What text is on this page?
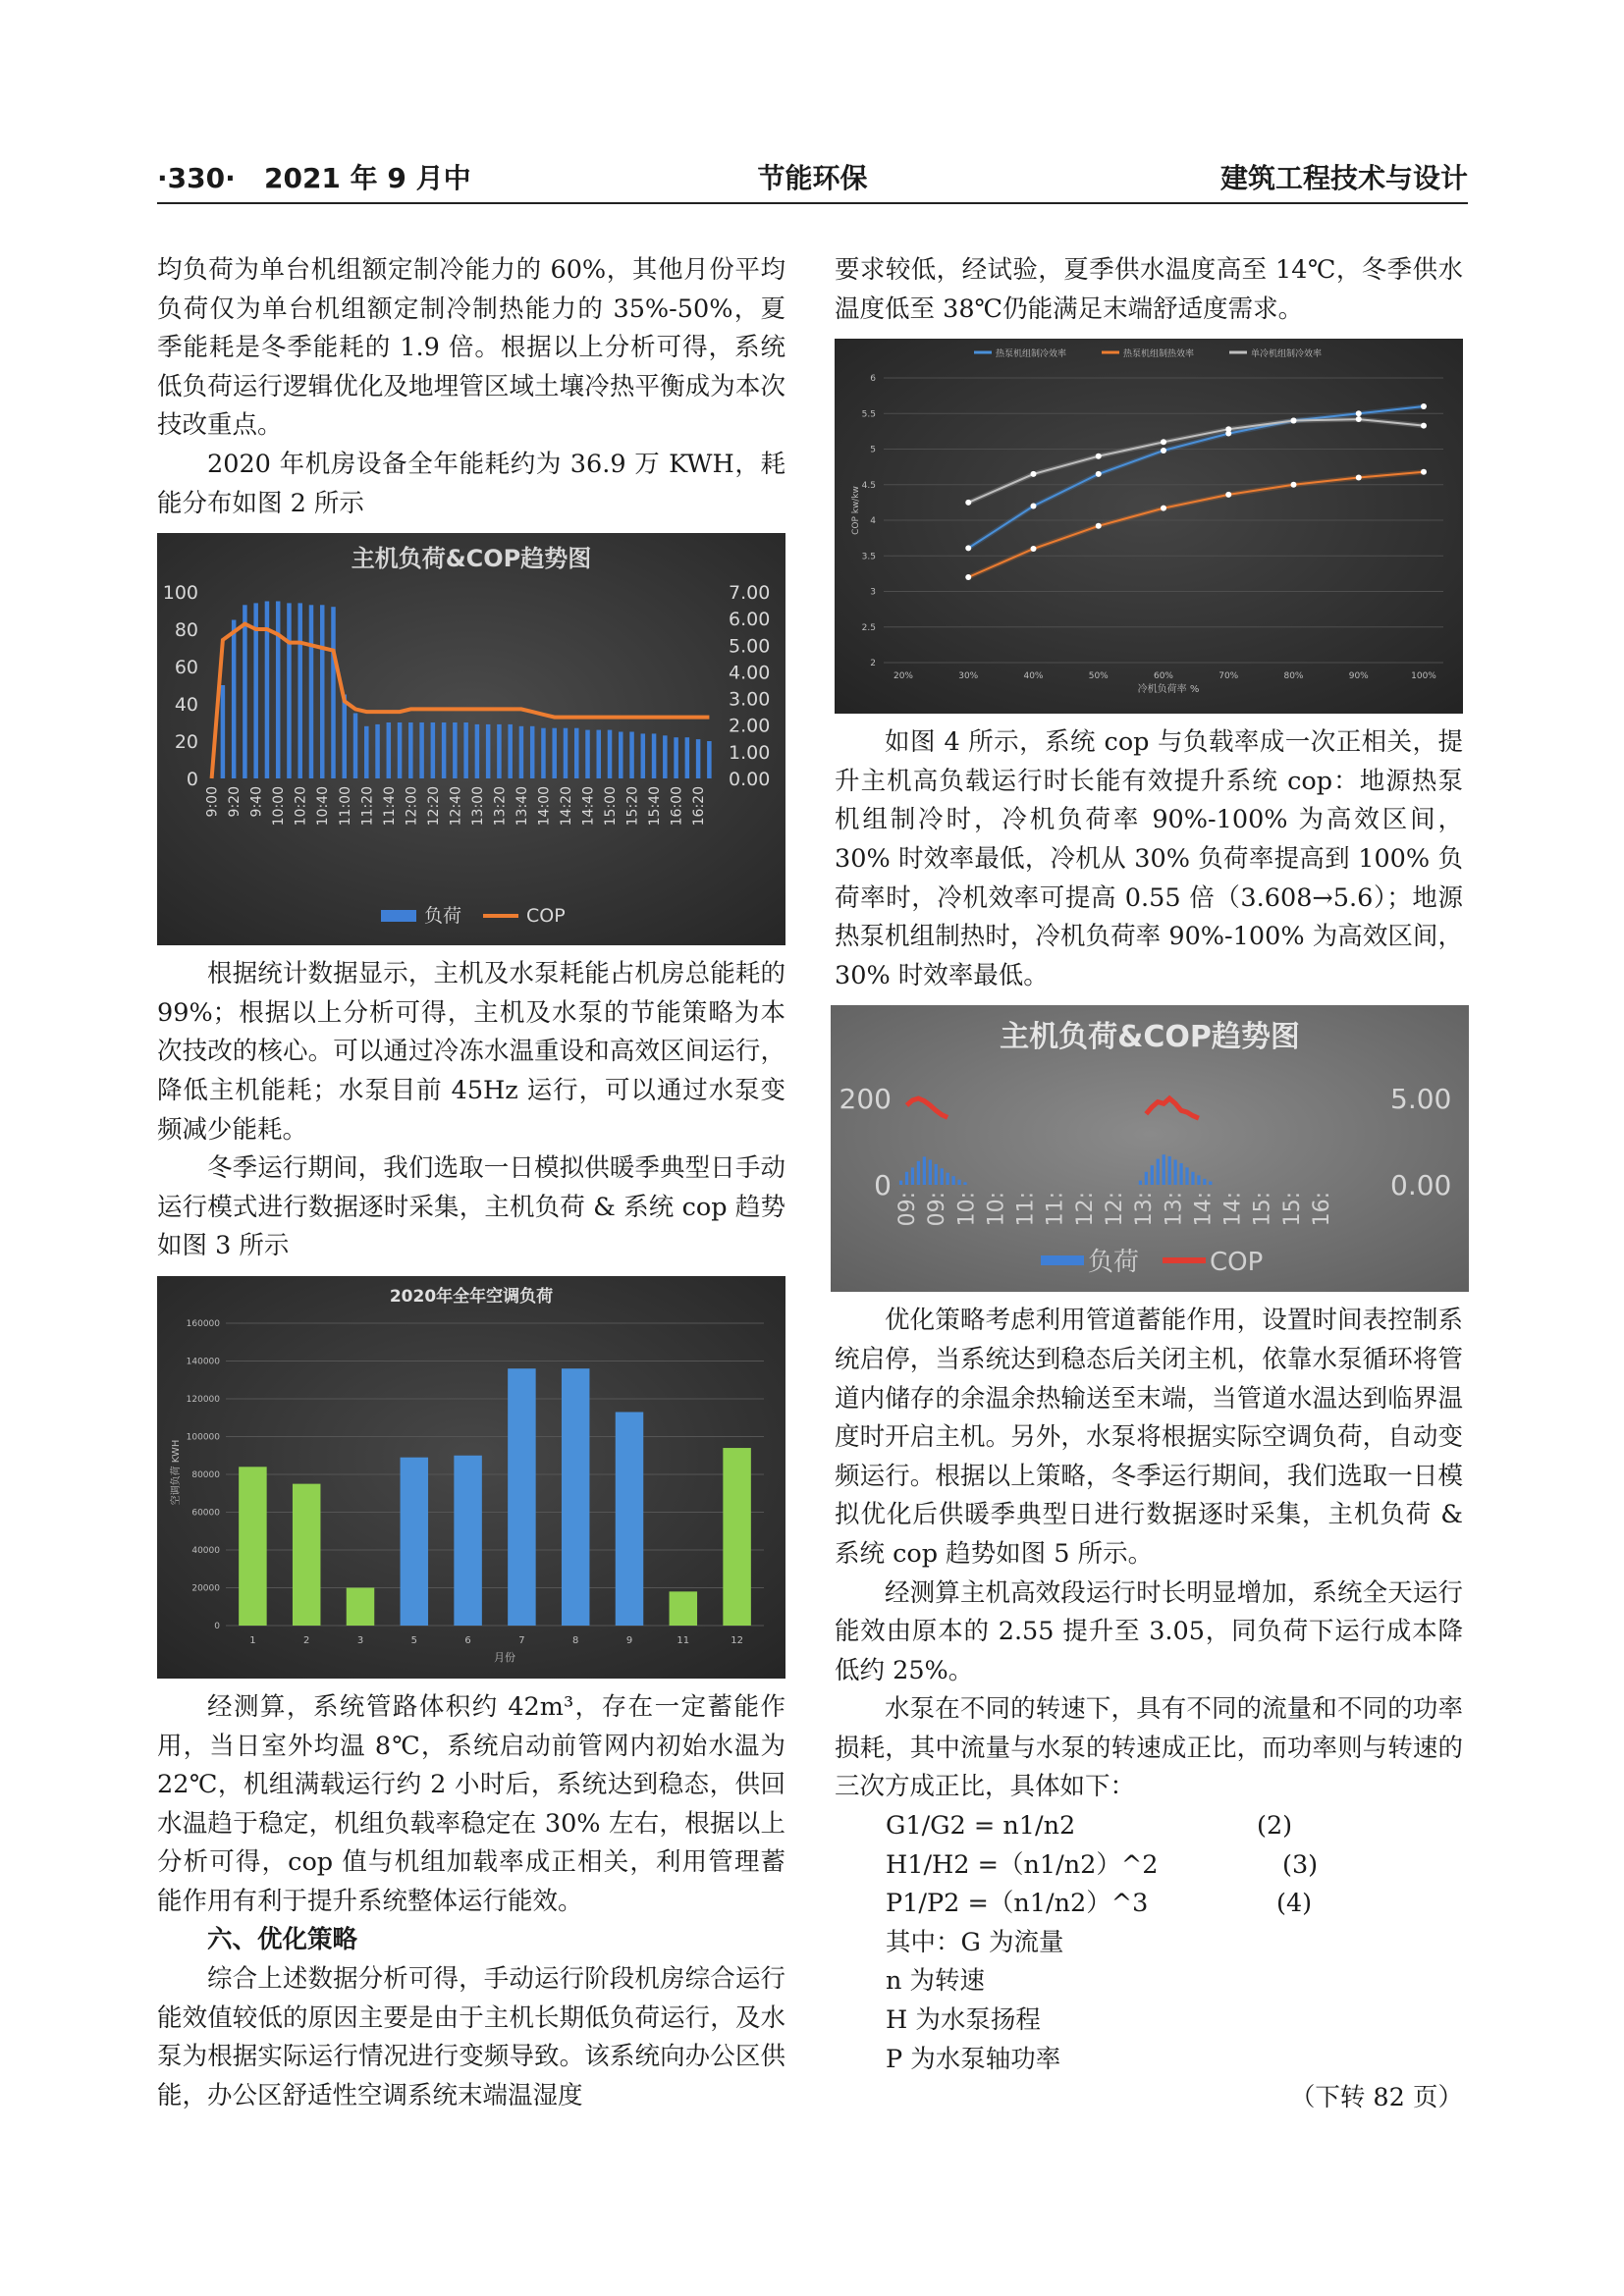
·330· 2021 年 9 月中	节能环保	建筑工程技术与设计

均负荷为单台机组额定制冷能力的 60%，其他月份平均负荷仅为单台机组额定制冷制热能力的 35%-50%，夏季能耗是冬季能耗的 1.9 倍。根据以上分析可得，系统低负荷运行逻辑优化及地埋管区域土壤冷热平衡成为本次技改重点。

2020 年机房设备全年能耗约为 36.9 万 KWH，耗能分布如图 2 所示

主机负荷&COP趋势图
100
80
60
40
20
0
7.00
6.00
5.00
4.00
3.00
2.00
1.00
0.00
9:00 9:20 9:40 10:00 10:20 10:40 11:00 11:20 11:40 12:00 12:20 12:40 13:00 13:20 13:40 14:00 14:20 14:40 15:00 15:20 15:40 16:00 16:20
负荷	COP

根据统计数据显示，主机及水泵耗能占机房总能耗的 99%；根据以上分析可得，主机及水泵的节能策略为本次技改的核心。可以通过冷冻水温重设和高效区间运行，降低主机能耗；水泵目前 45Hz 运行，可以通过水泵变频减少能耗。

冬季运行期间，我们选取一日模拟供暖季典型日手动运行模式进行数据逐时采集，主机负荷 & 系统 cop 趋势如图 3 所示

2020年全年空调负荷
空调负荷 KWH
160000
140000
120000
100000
80000
60000
40000
20000
0
1	2	3	5	6	7	8	9	11	12
月份

经测算，系统管路体积约 42m³，存在一定蓄能作用，当日室外均温 8℃，系统启动前管网内初始水温为 22℃，机组满载运行约 2 小时后，系统达到稳态，供回水温趋于稳定，机组负载率稳定在 30% 左右，根据以上分析可得，cop 值与机组加载率成正相关，利用管理蓄能作用有利于提升系统整体运行能效。

六、优化策略

综合上述数据分析可得，手动运行阶段机房综合运行能效值较低的原因主要是由于主机长期低负荷运行，及水泵为根据实际运行情况进行变频导致。该系统向办公区供能，办公区舒适性空调系统末端温湿度

要求较低，经试验，夏季供水温度高至 14℃，冬季供水温度低至 38℃仍能满足末端舒适度需求。

热泵机组制冷效率	热泵机组制热效率	单冷机组制冷效率
COP kw/kw
6
5.5
5
4.5
4
3.5
3
2.5
2
20%	30%	40%	50%	60%	70%	80%	90%	100%
冷机负荷率 %

如图 4 所示，系统 cop 与负载率成一次正相关，提升主机高负载运行时长能有效提升系统 cop：地源热泵机组制冷时，冷机负荷率 90%-100% 为高效区间，30% 时效率最低，冷机从 30% 负荷率提高到 100% 负荷率时，冷机效率可提高 0.55 倍（3.608→5.6）；地源热泵机组制热时，冷机负荷率 90%-100% 为高效区间，30% 时效率最低。

主机负荷&COP趋势图
200
0
5.00
0.00
09: 09: 10: 10: 11: 11: 12: 12: 13: 13: 14: 14: 15: 15: 16:
负荷	COP

优化策略考虑利用管道蓄能作用，设置时间表控制系统启停，当系统达到稳态后关闭主机，依靠水泵循环将管道内储存的余温余热输送至末端，当管道水温达到临界温度时开启主机。另外，水泵将根据实际空调负荷，自动变频运行。根据以上策略，冬季运行期间，我们选取一日模拟优化后供暖季典型日进行数据逐时采集，主机负荷 & 系统 cop 趋势如图 5 所示。

经测算主机高效段运行时长明显增加，系统全天运行能效由原本的 2.55 提升至 3.05，同负荷下运行成本降低约 25%。

水泵在不同的转速下，具有不同的流量和不同的功率损耗，其中流量与水泵的转速成正比，而功率则与转速的三次方成正比，具体如下：

G1/G2 = n1/n2	(2)

H1/H2 =（n1/n2）^2	(3)

P1/P2 =（n1/n2）^3	(4)

其中：G 为流量

n 为转速

H 为水泵扬程

P 为水泵轴功率

（下转 82 页）
